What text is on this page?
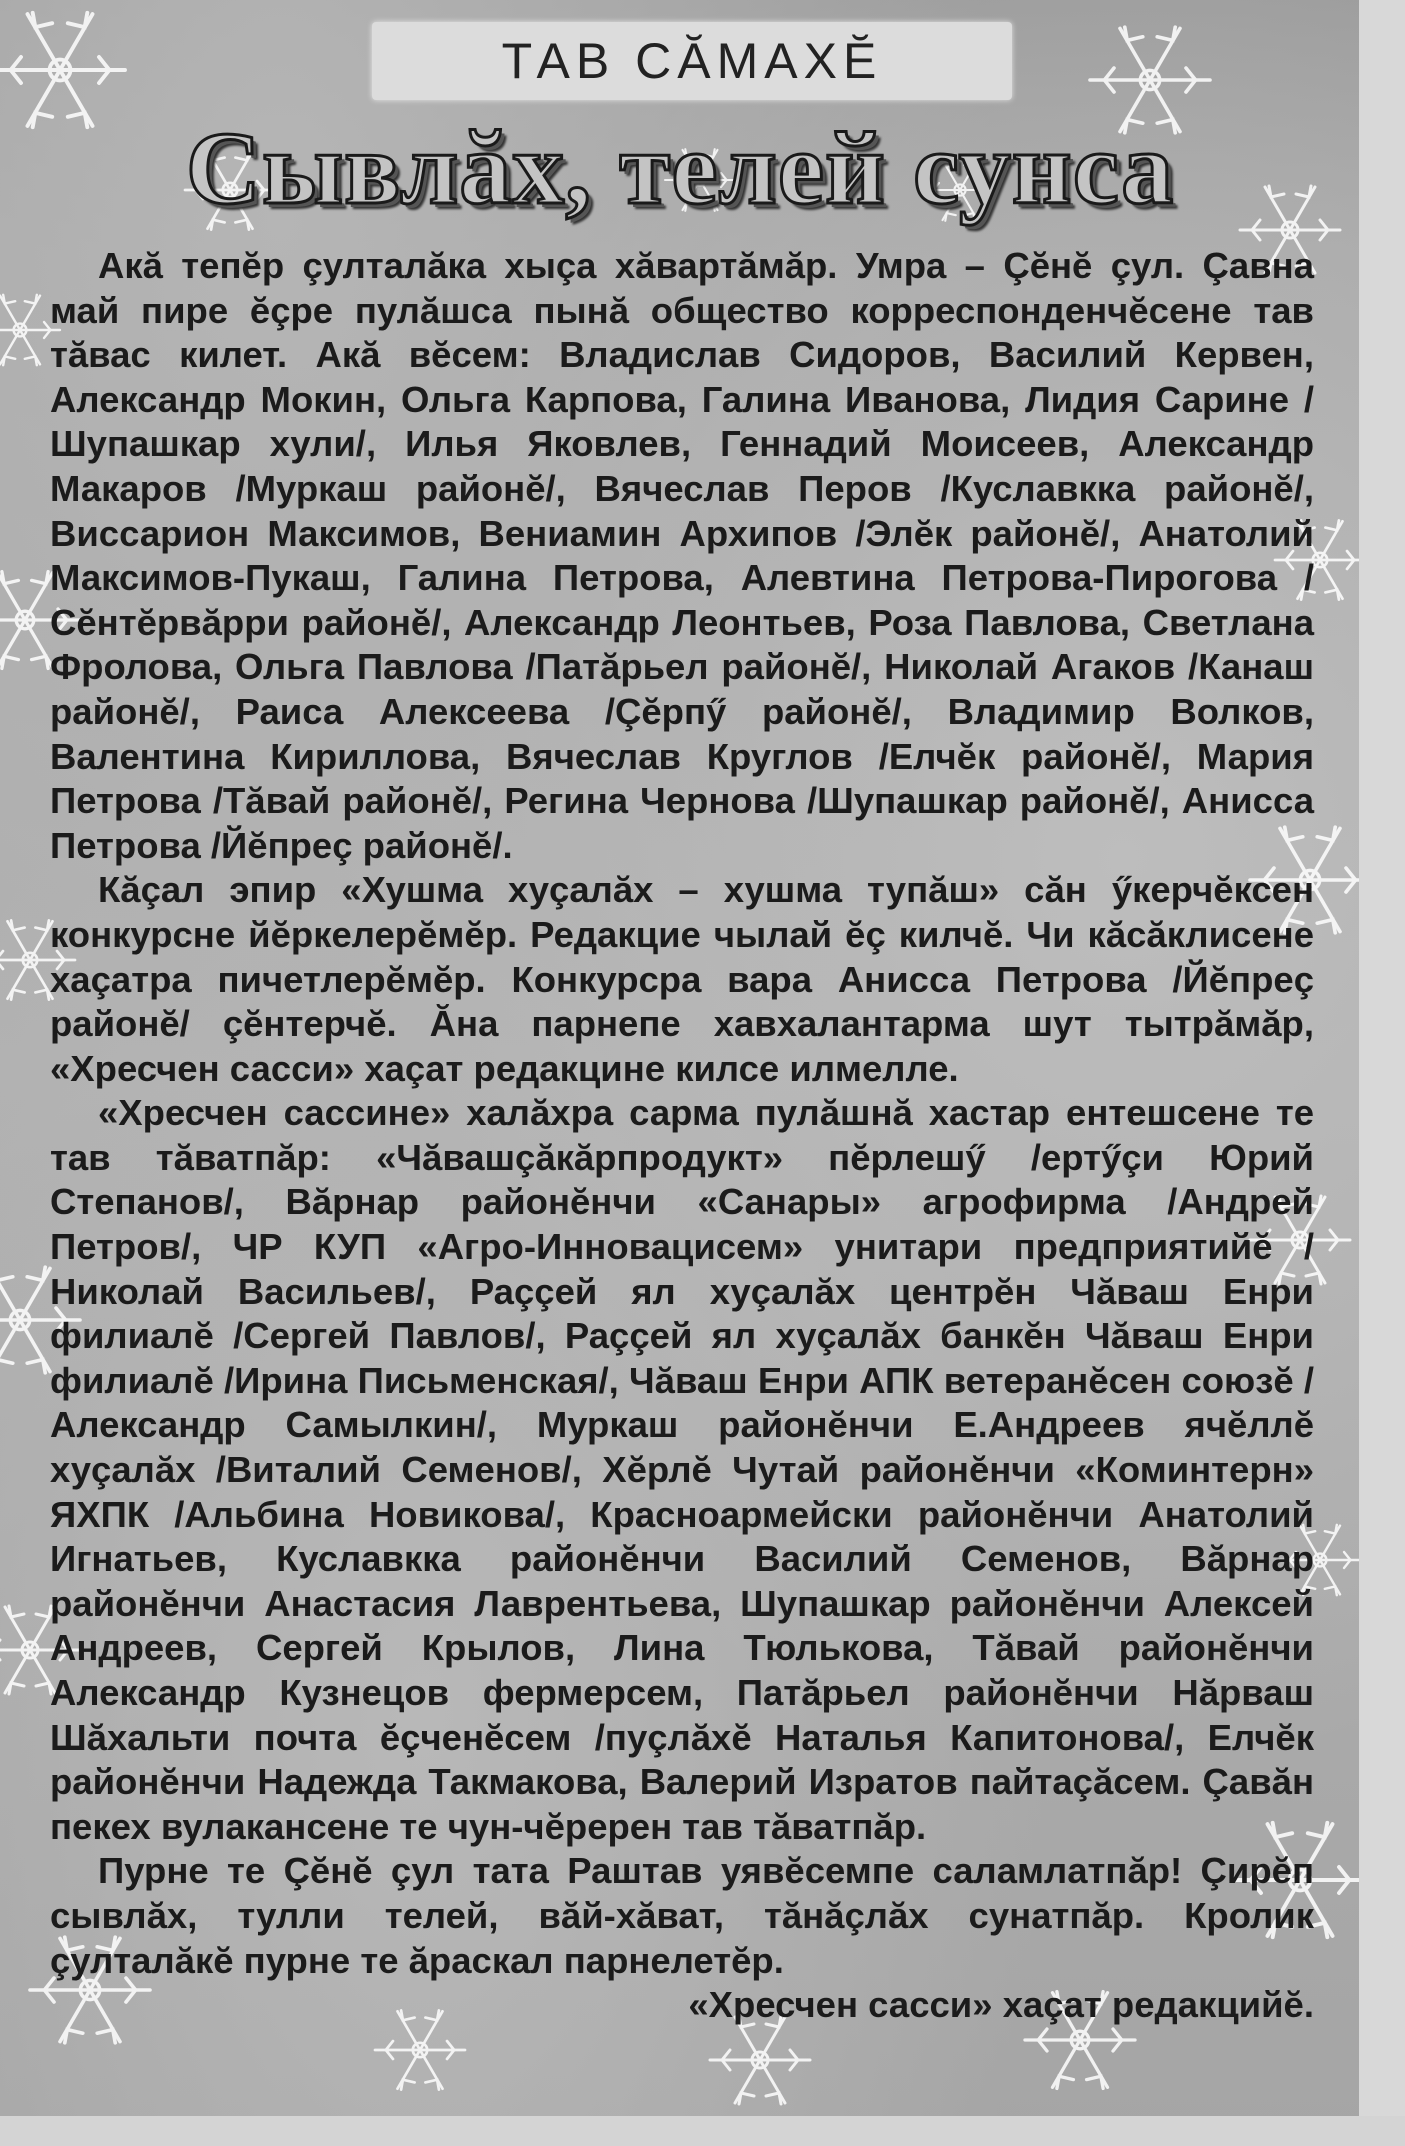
ТАВ СĂМАХĔ
Сывлăх, телей сунса

Акă тепĕр çулталăка хыçа хăвартăмăр. Умра – Çĕнĕ çул. Çавна май пире ĕçре пулăшса пынă общество корреспонденчĕсене тав тăвас килет. Акă вĕсем: Владислав Сидоров, Василий Кервен, Александр Мокин, Ольга Карпова, Галина Иванова, Лидия Сарине /Шупашкар хули/, Илья Яковлев, Геннадий Моисеев, Александр Макаров /Муркаш районĕ/, Вячеслав Перов /Куславкка районĕ/, Виссарион Максимов, Вениамин Архипов /Элĕк районĕ/, Анатолий Максимов-Пукаш, Галина Петрова, Алевтина Петрова-Пирогова /Сĕнтĕрвăрри районĕ/, Александр Леонтьев, Роза Павлова, Светлана Фролова, Ольга Павлова /Патăрьел районĕ/, Николай Агаков /Канаш районĕ/, Раиса Алексеева /Çĕрпӳ районĕ/, Владимир Волков, Валентина Кириллова, Вячеслав Круглов /Елчĕк районĕ/, Мария Петрова /Тăвай районĕ/, Регина Чернова /Шупашкар районĕ/, Анисса Петрова /Йĕпреç районĕ/.

Кăçал эпир «Хушма хуçалăх – хушма тупăш» сăн ӳкерчĕксен конкурсне йĕркелерĕмĕр. Редакцие чылай ĕç килчĕ. Чи кăсăклисене хаçатра пичетлерĕмĕр. Конкурсра вара Анисса Петрова /Йĕпреç районĕ/ çĕнтерчĕ. Ăна парнепе хавхалантарма шут тытрăмăр, «Хресчен сасси» хаçат редакцине килсе илмелле.

«Хресчен сассине» халăхра сарма пулăшнă хастар ентешсене те тав тăватпăр: «Чăвашçăкăрпродукт» пĕрлешӳ /ертӳçи Юрий Степанов/, Вăрнар районĕнчи «Санары» агрофирма /Андрей Петров/, ЧР КУП «Агро-Инновацисем» унитари предприятийĕ /Николай Васильев/, Раççей ял хуçалăх центрĕн Чăваш Енри филиалĕ /Сергей Павлов/, Раççей ял хуçалăх банкĕн Чăваш Енри филиалĕ /Ирина Письменская/, Чăваш Енри АПК ветеранĕсен союзĕ /Александр Самылкин/, Муркаш районĕнчи Е.Андреев ячĕллĕ хуçалăх /Виталий Семенов/, Хĕрлĕ Чутай районĕнчи «Коминтерн» ЯХПК /Альбина Новикова/, Красноармейски районĕнчи Анатолий Игнатьев, Куславкка районĕнчи Василий Семенов, Вăрнар районĕнчи Анастасия Лаврентьева, Шупашкар районĕнчи Алексей Андреев, Сергей Крылов, Лина Тюлькова, Тăвай районĕнчи Александр Кузнецов фермерсем, Патăрьел районĕнчи Нăрваш Шăхальти почта ĕçченĕсем /пуçлăхĕ Наталья Капитонова/, Елчĕк районĕнчи Надежда Такмакова, Валерий Изратов пайтаçăсем. Çавăн пекех вулакансене те чун-чĕререн тав тăватпăр.

Пурне те Çĕнĕ çул тата Раштав уявĕсемпе саламлатпăр! Çирĕп сывлăх, тулли телей, вăй-хăват, тăнăçлăх сунатпăр. Кролик çулталăкĕ пурне те ăраскал парнелетĕр.

«Хресчен сасси» хаçат редакцийĕ.
